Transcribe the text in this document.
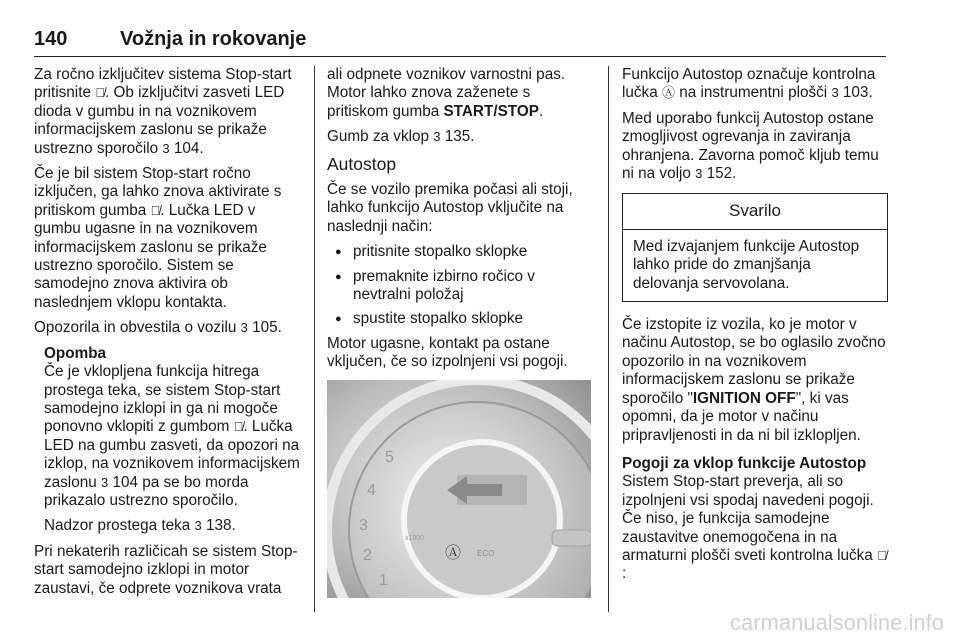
140	Vožnja in rokovanje

Za ročno izključitev sistema Stop-start pritisnite Ⓐ̸. Ob izključitvi zasveti LED dioda v gumbu in na voznikovem informacijskem zaslonu se prikaže ustrezno sporočilo 3 104.

Če je bil sistem Stop-start ročno izključen, ga lahko znova aktivirate s pritiskom gumba Ⓐ̸. Lučka LED v gumbu ugasne in na voznikovem informacijskem zaslonu se prikaže ustrezno sporočilo. Sistem se samodejno znova aktivira ob naslednjem vklopu kontakta.

Opozorila in obvestila o vozilu 3 105.

Opomba

Če je vklopljena funkcija hitrega prostega teka, se sistem Stop-start samodejno izklopi in ga ni mogoče ponovno vklopiti z gumbom Ⓐ̸. Lučka LED na gumbu zasveti, da opozori na izklop, na voznikovem informacijskem zaslonu 3 104 pa se bo morda prikazalo ustrezno sporočilo.

Nadzor prostega teka 3 138.

Pri nekaterih različicah se sistem Stop-start samodejno izklopi in motor zaustavi, če odprete voznikova vrata

ali odpnete voznikov varnostni pas. Motor lahko znova zaženete s pritiskom gumba START/STOP.

Gumb za vklop 3 135.

Autostop

Če se vozilo premika počasi ali stoji, lahko funkcijo Autostop vključite na naslednji način:

● pritisnite stopalko sklopke
● premaknite izbirno ročico v nevtralni položaj
● spustite stopalko sklopke

Motor ugasne, kontakt pa ostane vključen, če so izpolnjeni vsi pogoji.

5
4
3
2
1
x1000
Ⓐ ECO

Funkcijo Autostop označuje kontrolna lučka Ⓐ na instrumentni plošči 3 103.

Med uporabo funkcij Autostop ostane zmogljivost ogrevanja in zaviranja ohranjena. Zavorna pomoč kljub temu ni na voljo 3 152.

Svarilo
Med izvajanjem funkcije Autostop lahko pride do zmanjšanja delovanja servovolana.

Če izstopite iz vozila, ko je motor v načinu Autostop, se bo oglasilo zvočno opozorilo in na voznikovem informacijskem zaslonu se prikaže sporočilo "IGNITION OFF", ki vas opomni, da je motor v načinu pripravljenosti in da ni bil izklopljen.

Pogoji za vklop funkcije Autostop

Sistem Stop-start preverja, ali so izpolnjeni vsi spodaj navedeni pogoji. Če niso, je funkcija samodejne zaustavitve onemogočena in na armaturni plošči sveti kontrolna lučka Ⓐ̸:

carmanualsonline.info
